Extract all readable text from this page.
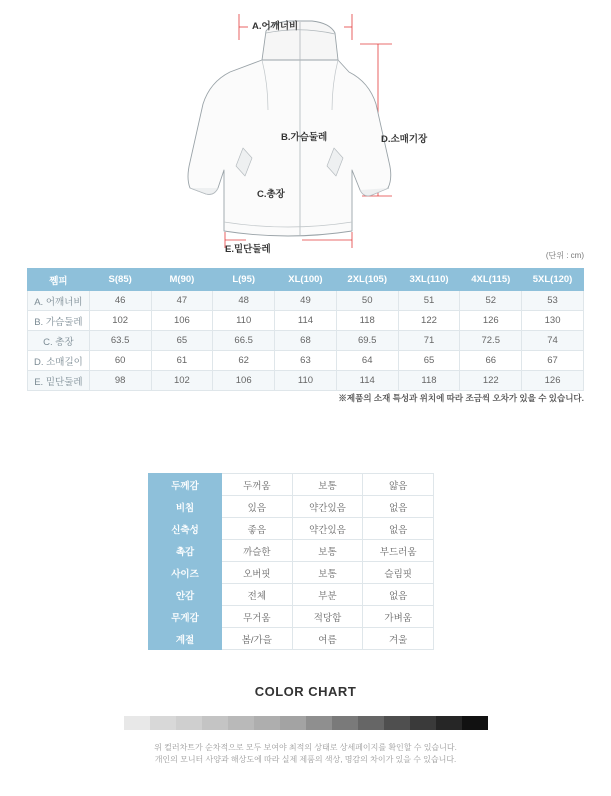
A.어깨너비
B.가슴둘레
C.총장
D.소매기장
E.밑단둘레
(단위 : cm)
쩸피	S(85)	M(90)	L(95)	XL(100)	2XL(105)	3XL(110)	4XL(115)	5XL(120)
A. 어깨너비	46	47	48	49	50	51	52	53
B. 가슴둘레	102	106	110	114	118	122	126	130
C. 총장	63.5	65	66.5	68	69.5	71	72.5	74
D. 소매길이	60	61	62	63	64	65	66	67
E. 밑단둘레	98	102	106	110	114	118	122	126
※제품의 소재 특성과 위치에 따라 조금씩 오차가 있을 수 있습니다.
두께감	두꺼움	보통	얇음
비침	있음	약간있음	없음
신축성	좋음	약간있음	없음
촉감	까슬한	보통	부드러움
사이즈	오버핏	보통	슬림핏
안감	전체	부분	없음
무게감	무거움	적당함	가벼움
계절	봄/가을	여름	겨울
COLOR CHART
위 컬러차트가 순차적으로 모두 보여야 최적의 상태로 상세페이지를 확인할 수 있습니다.
개인의 모니터 사양과 해상도에 따라 실제 제품의 색상, 명감의 차이가 있을 수 있습니다.
